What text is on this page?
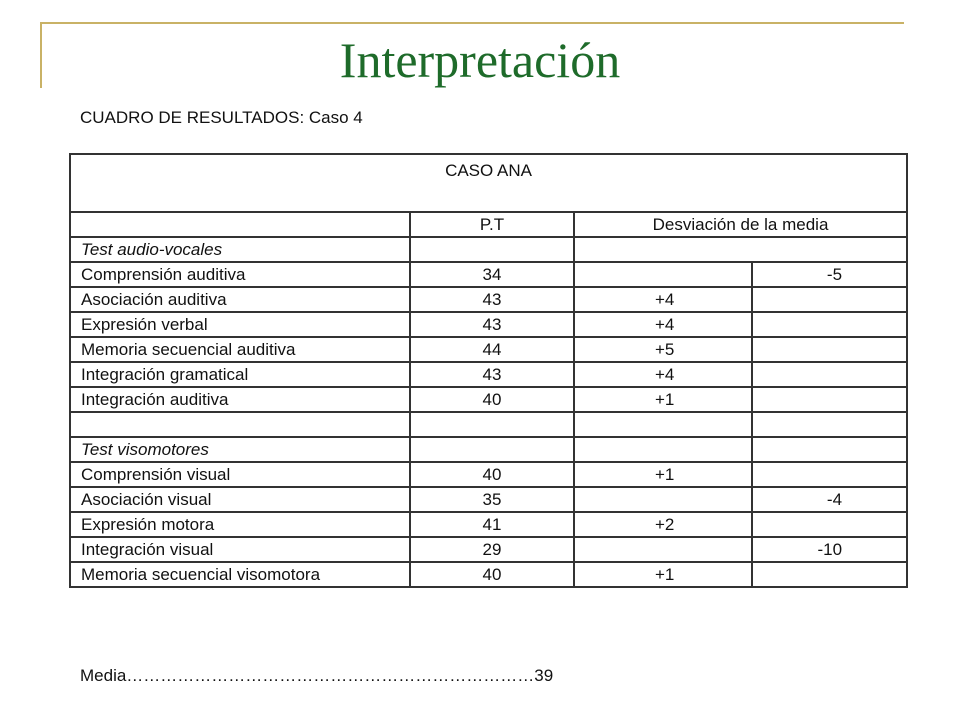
Interpretación
CUADRO DE RESULTADOS: Caso 4
CASO ANA			
	P.T	Desviación de la media	
Test audio-vocales			
Comprensión auditiva	34		-5
Asociación auditiva	43	+4	
Expresión verbal	43	+4	
Memoria secuencial auditiva	44	+5	
Integración gramatical	43	+4	
Integración auditiva	40	+1	

Test visomotores			
Comprensión visual	40	+1	
Asociación visual	35		-4
Expresión motora	41	+2	
Integración visual	29		-10
Memoria secuencial visomotora	40	+1	
Media………………………………………………………………39
